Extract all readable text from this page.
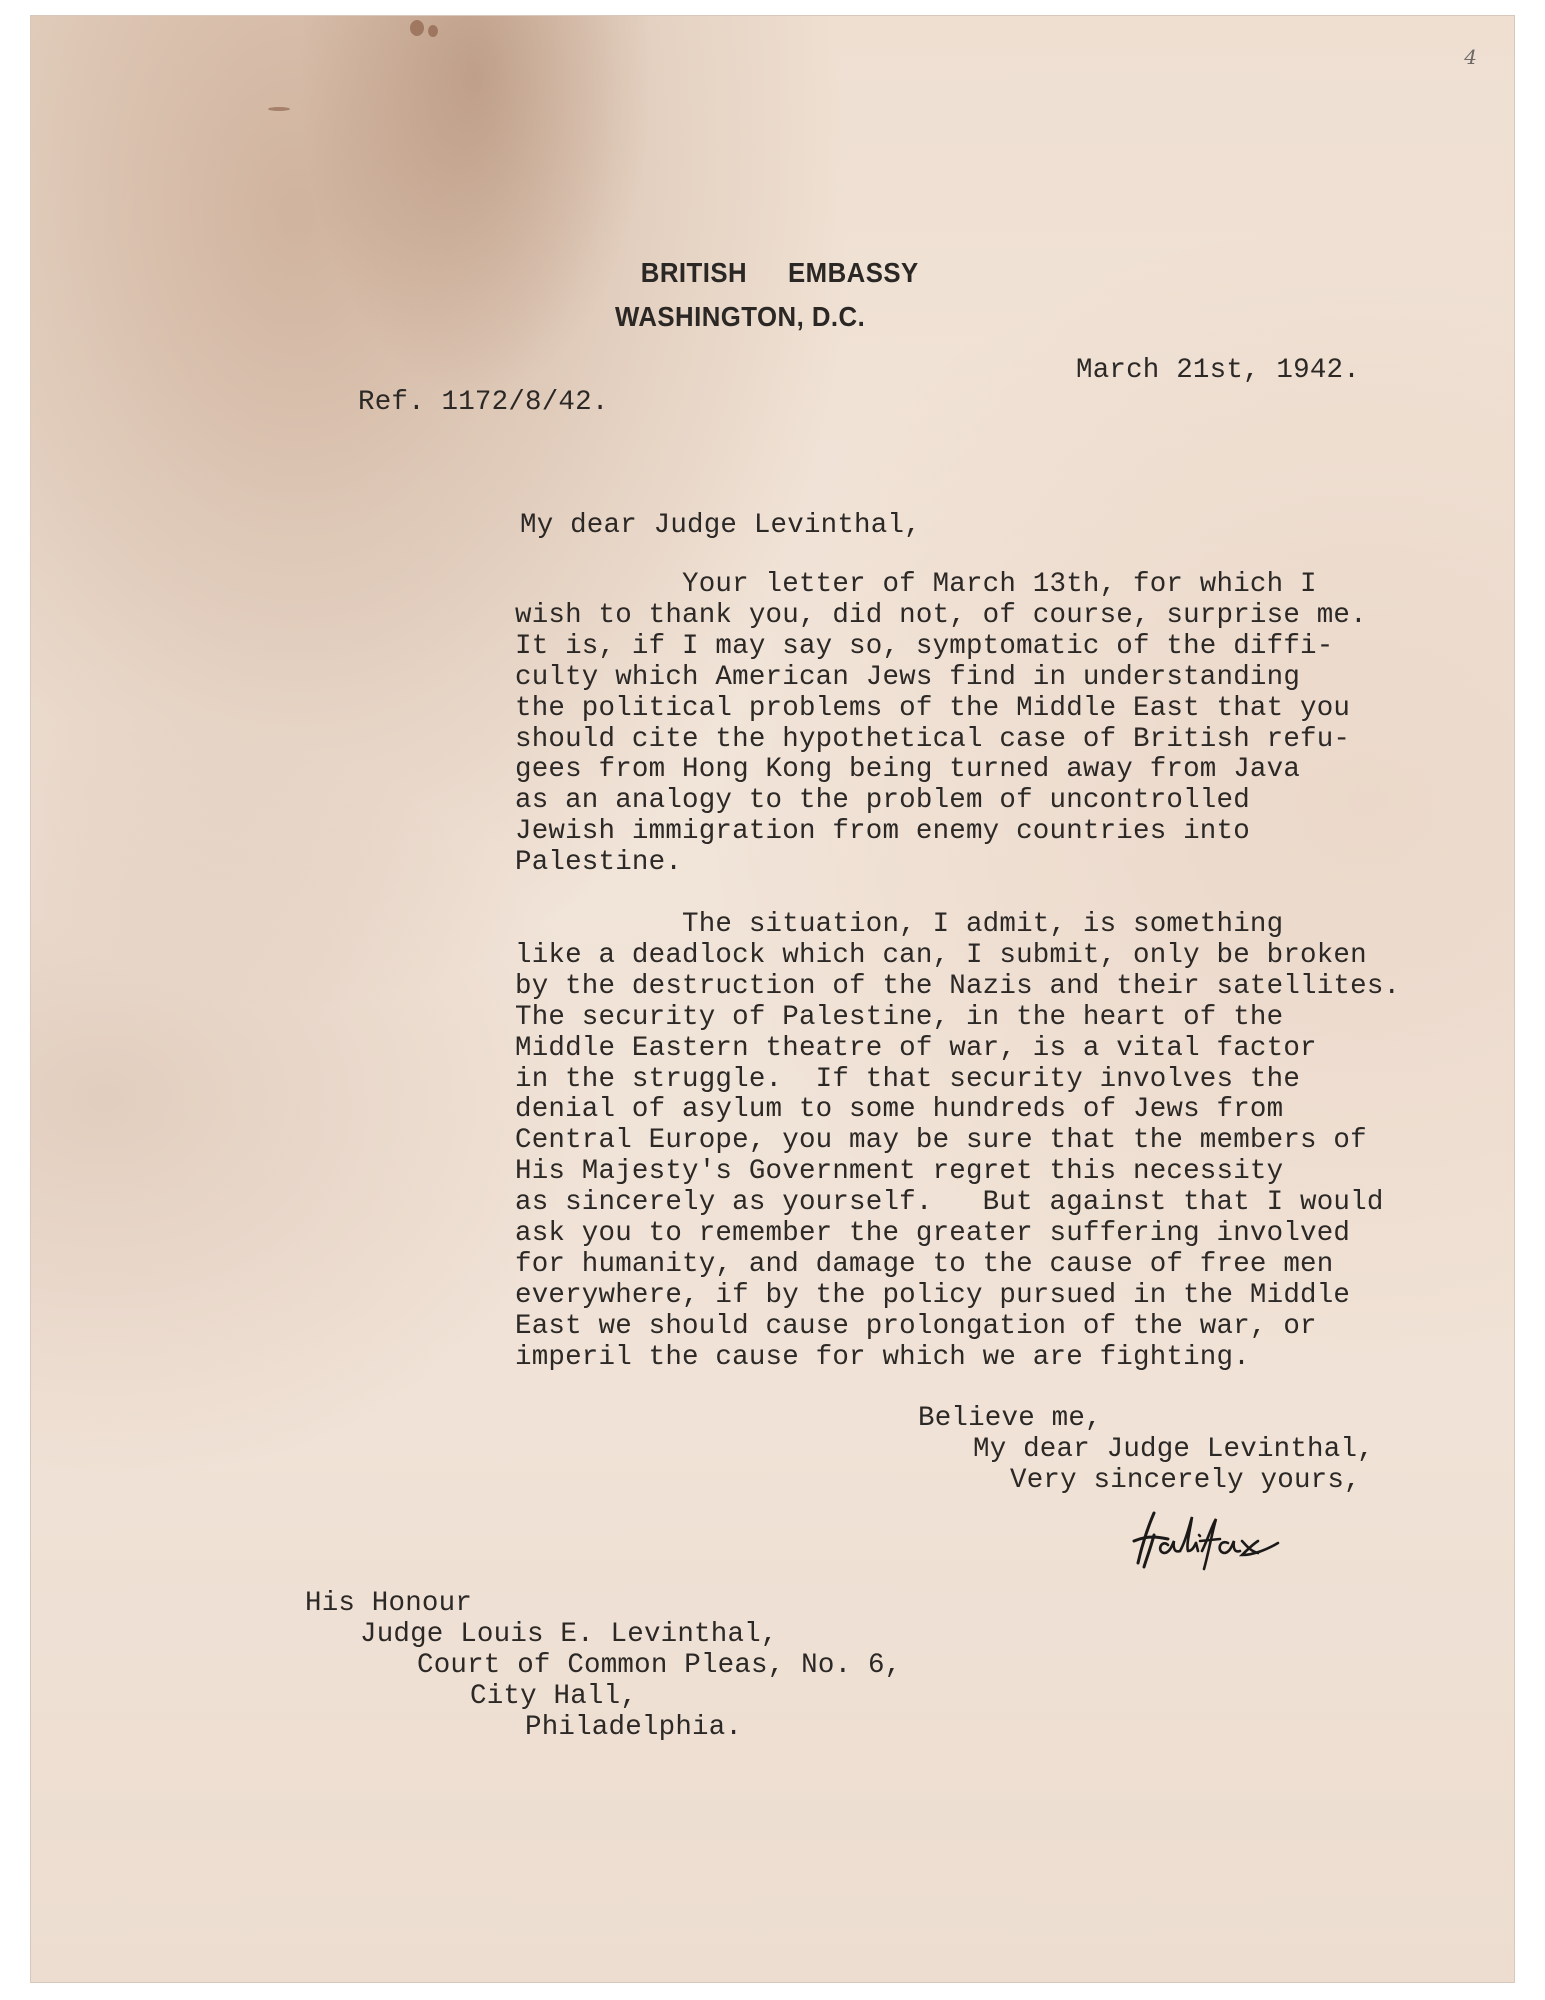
4
BRITISH  EMBASSY
WASHINGTON, D.C.
March 21st, 1942.
Ref. 1172/8/42.
My dear Judge Levinthal,
Your letter of March 13th, for which I
wish to thank you, did not, of course, surprise me.
It is, if I may say so, symptomatic of the diffi-
culty which American Jews find in understanding
the political problems of the Middle East that you
should cite the hypothetical case of British refu-
gees from Hong Kong being turned away from Java
as an analogy to the problem of uncontrolled
Jewish immigration from enemy countries into
Palestine.
The situation, I admit, is something
like a deadlock which can, I submit, only be broken
by the destruction of the Nazis and their satellites.
The security of Palestine, in the heart of the
Middle Eastern theatre of war, is a vital factor
in the struggle.  If that security involves the
denial of asylum to some hundreds of Jews from
Central Europe, you may be sure that the members of
His Majesty's Government regret this necessity
as sincerely as yourself.   But against that I would
ask you to remember the greater suffering involved
for humanity, and damage to the cause of free men
everywhere, if by the policy pursued in the Middle
East we should cause prolongation of the war, or
imperil the cause for which we are fighting.
Believe me,
My dear Judge Levinthal,
Very sincerely yours,
His Honour
Judge Louis E. Levinthal,
Court of Common Pleas, No. 6,
City Hall,
Philadelphia.
